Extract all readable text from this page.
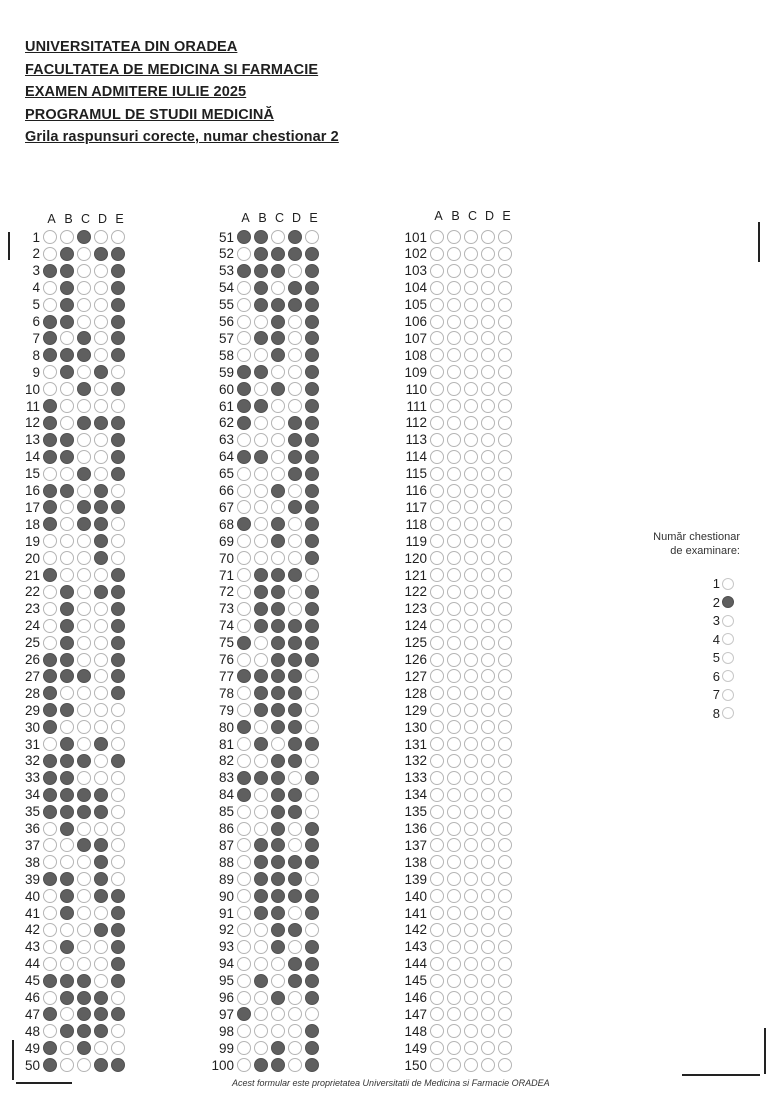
UNIVERSITATEA DIN ORADEA
FACULTATEA DE MEDICINA SI FARMACIE
EXAMEN ADMITERE IULIE 2025
PROGRAMUL DE STUDII MEDICINĂ
Grila raspunsuri corecte, numar chestionar 2
A B C D E
1
2
3
4
5
6
7
8
9
10
11
12
13
14
15
16
17
18
19
20
21
22
23
24
25
26
27
28
29
30
31
32
33
34
35
36
37
38
39
40
41
42
43
44
45
46
47
48
49
50
A B C D E
51
52
53
54
55
56
57
58
59
60
61
62
63
64
65
66
67
68
69
70
71
72
73
74
75
76
77
78
79
80
81
82
83
84
85
86
87
88
89
90
91
92
93
94
95
96
97
98
99
100
A B C D E
101
102
103
104
105
106
107
108
109
110
111
112
113
114
115
116
117
118
119
120
121
122
123
124
125
126
127
128
129
130
131
132
133
134
135
136
137
138
139
140
141
142
143
144
145
146
147
148
149
150
Număr chestionar
de examinare:
1
2
3
4
5
6
7
8
Acest formular este proprietatea Universitatii de Medicina si Farmacie ORADEA
